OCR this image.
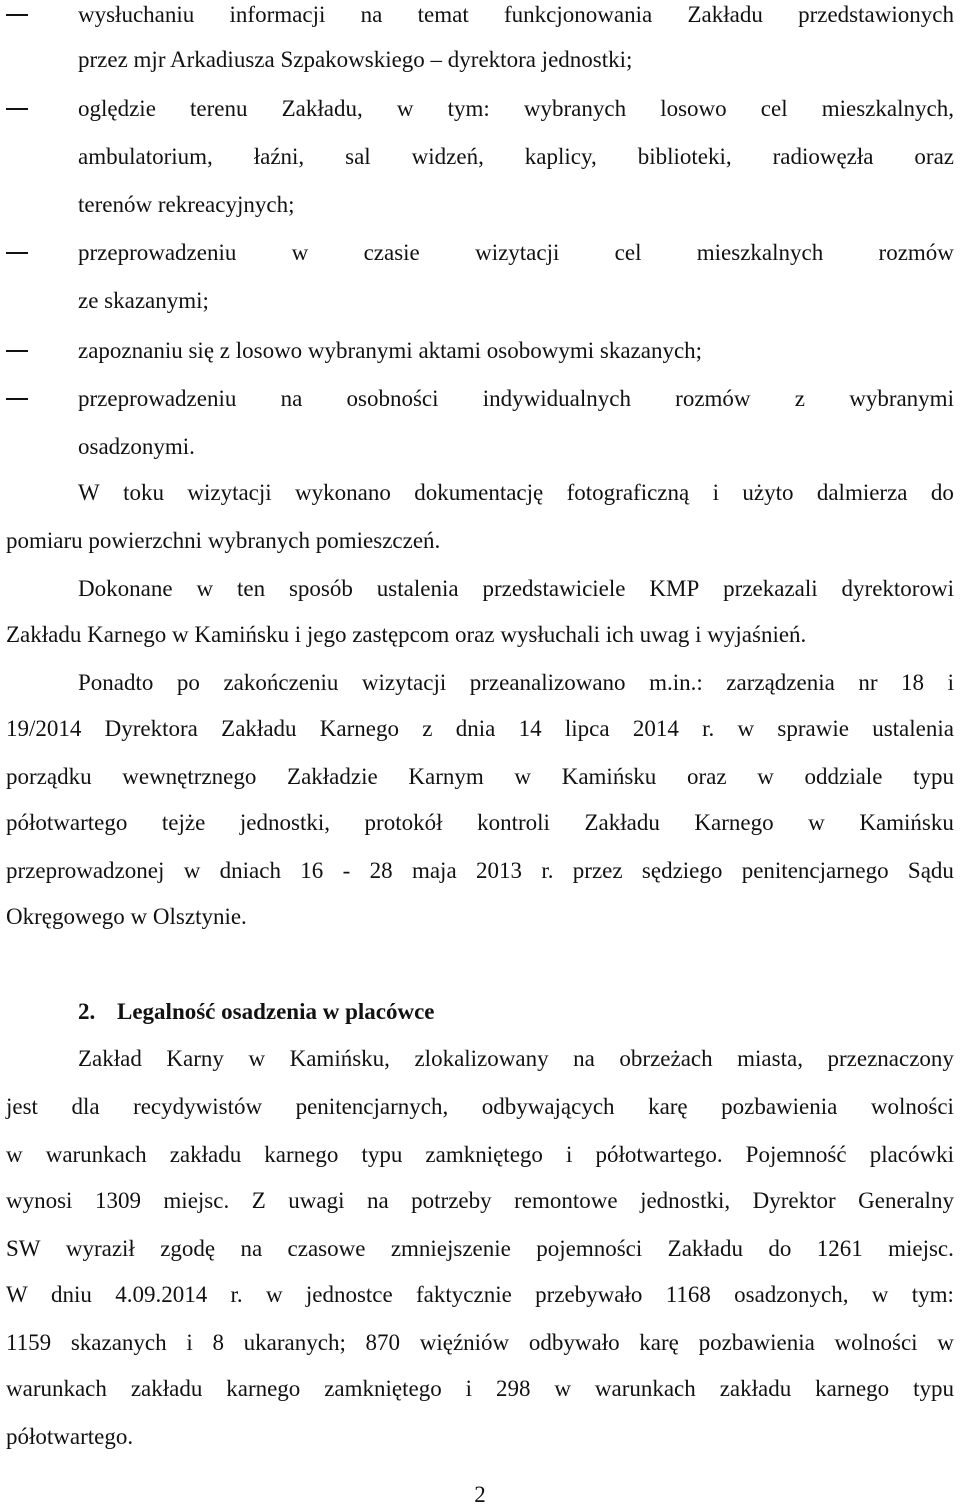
wysłuchaniu informacji na temat funkcjonowania Zakładu przedstawionych
przez mjr Arkadiusza Szpakowskiego – dyrektora jednostki;
oględzie terenu Zakładu, w tym: wybranych losowo cel mieszkalnych,
ambulatorium, łaźni, sal widzeń, kaplicy, biblioteki, radiowęzła oraz
terenów rekreacyjnych;
przeprowadzeniu w czasie wizytacji cel mieszkalnych rozmów
ze skazanymi;
zapoznaniu się z losowo wybranymi aktami osobowymi skazanych;
przeprowadzeniu na osobności indywidualnych rozmów z wybranymi
osadzonymi.
W toku wizytacji wykonano dokumentację fotograficzną i użyto dalmierza do
pomiaru powierzchni wybranych pomieszczeń.
Dokonane w ten sposób ustalenia przedstawiciele KMP przekazali dyrektorowi
Zakładu Karnego w Kamińsku i jego zastępcom oraz wysłuchali ich uwag i wyjaśnień.
Ponadto po zakończeniu wizytacji przeanalizowano m.in.: zarządzenia nr 18 i
19/2014 Dyrektora Zakładu Karnego z dnia 14 lipca 2014 r. w sprawie ustalenia
porządku wewnętrznego Zakładzie Karnym w Kamińsku oraz w oddziale typu
półotwartego tejże jednostki, protokół kontroli Zakładu Karnego w Kamińsku
przeprowadzonej w dniach 16 - 28 maja 2013 r. przez sędziego penitencjarnego Sądu
Okręgowego w Olsztynie.
2. Legalność osadzenia w placówce
Zakład Karny w Kamińsku, zlokalizowany na obrzeżach miasta, przeznaczony
jest dla recydywistów penitencjarnych, odbywających karę pozbawienia wolności
w warunkach zakładu karnego typu zamkniętego i półotwartego. Pojemność placówki
wynosi 1309 miejsc. Z uwagi na potrzeby remontowe jednostki, Dyrektor Generalny
SW wyraził zgodę na czasowe zmniejszenie pojemności Zakładu do 1261 miejsc.
W dniu 4.09.2014 r. w jednostce faktycznie przebywało 1168 osadzonych, w tym:
1159 skazanych i 8 ukaranych; 870 więźniów odbywało karę pozbawienia wolności w
warunkach zakładu karnego zamkniętego i 298 w warunkach zakładu karnego typu
półotwartego.
2
